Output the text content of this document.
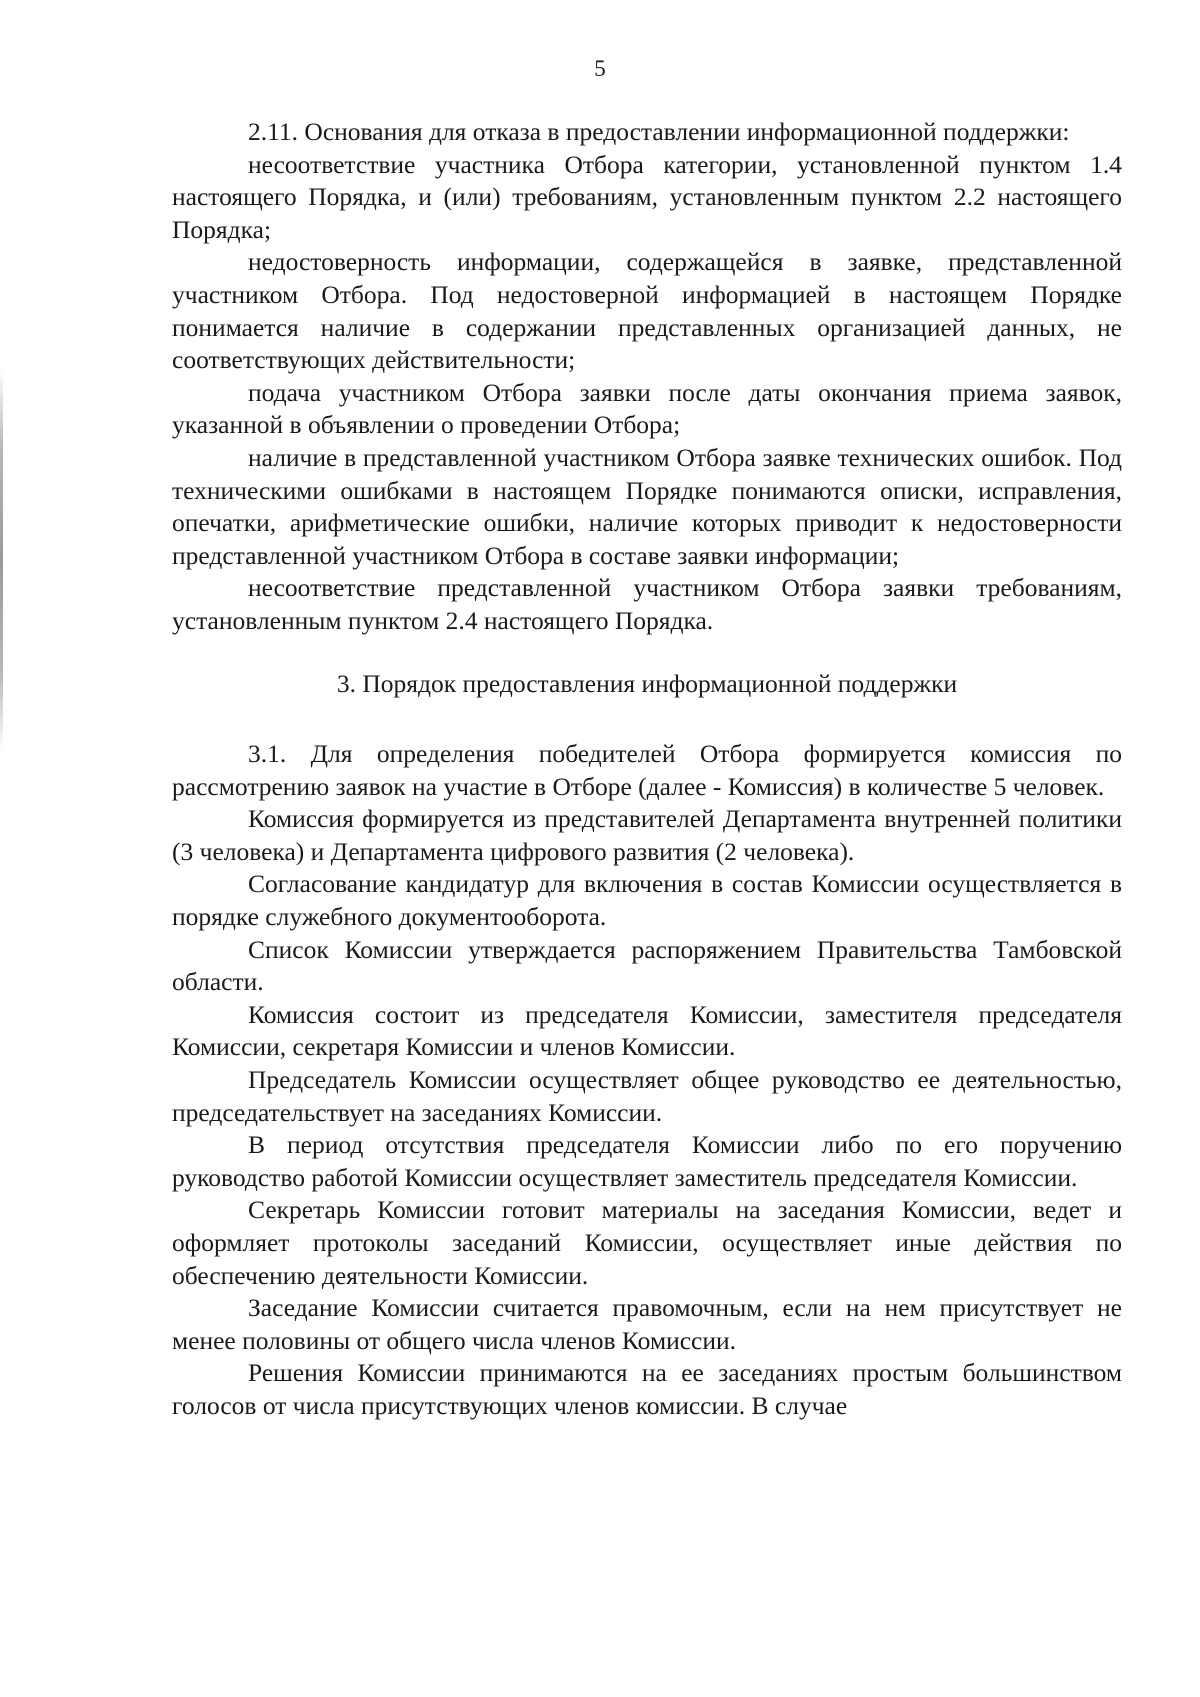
5

2.11. Основания для отказа в предоставлении информационной поддержки:

несоответствие участника Отбора категории, установленной пунктом 1.4 настоящего Порядка, и (или) требованиям, установленным пунктом 2.2 настоящего Порядка;

недостоверность информации, содержащейся в заявке, представленной участником Отбора. Под недостоверной информацией в настоящем Порядке понимается наличие в содержании представленных организацией данных, не соответствующих действительности;

подача участником Отбора заявки после даты окончания приема заявок, указанной в объявлении о проведении Отбора;

наличие в представленной участником Отбора заявке технических ошибок. Под техническими ошибками в настоящем Порядке понимаются описки, исправления, опечатки, арифметические ошибки, наличие которых приводит к недостоверности представленной участником Отбора в составе заявки информации;

несоответствие представленной участником Отбора заявки требованиям, установленным пунктом 2.4 настоящего Порядка.

3. Порядок предоставления информационной поддержки

3.1. Для определения победителей Отбора формируется комиссия по рассмотрению заявок на участие в Отборе (далее - Комиссия) в количестве 5 человек.

Комиссия формируется из представителей Департамента внутренней политики (3 человека) и Департамента цифрового развития (2 человека).

Согласование кандидатур для включения в состав Комиссии осуществляется в порядке служебного документооборота.

Список Комиссии утверждается распоряжением Правительства Тамбовской области.

Комиссия состоит из председателя Комиссии, заместителя председателя Комиссии, секретаря Комиссии и членов Комиссии.

Председатель Комиссии осуществляет общее руководство ее деятельностью, председательствует на заседаниях Комиссии.

В период отсутствия председателя Комиссии либо по его поручению руководство работой Комиссии осуществляет заместитель председателя Комиссии.

Секретарь Комиссии готовит материалы на заседания Комиссии, ведет и оформляет протоколы заседаний Комиссии, осуществляет иные действия по обеспечению деятельности Комиссии.

Заседание Комиссии считается правомочным, если на нем присутствует не менее половины от общего числа членов Комиссии.

Решения Комиссии принимаются на ее заседаниях простым большинством голосов от числа присутствующих членов комиссии. В случае
